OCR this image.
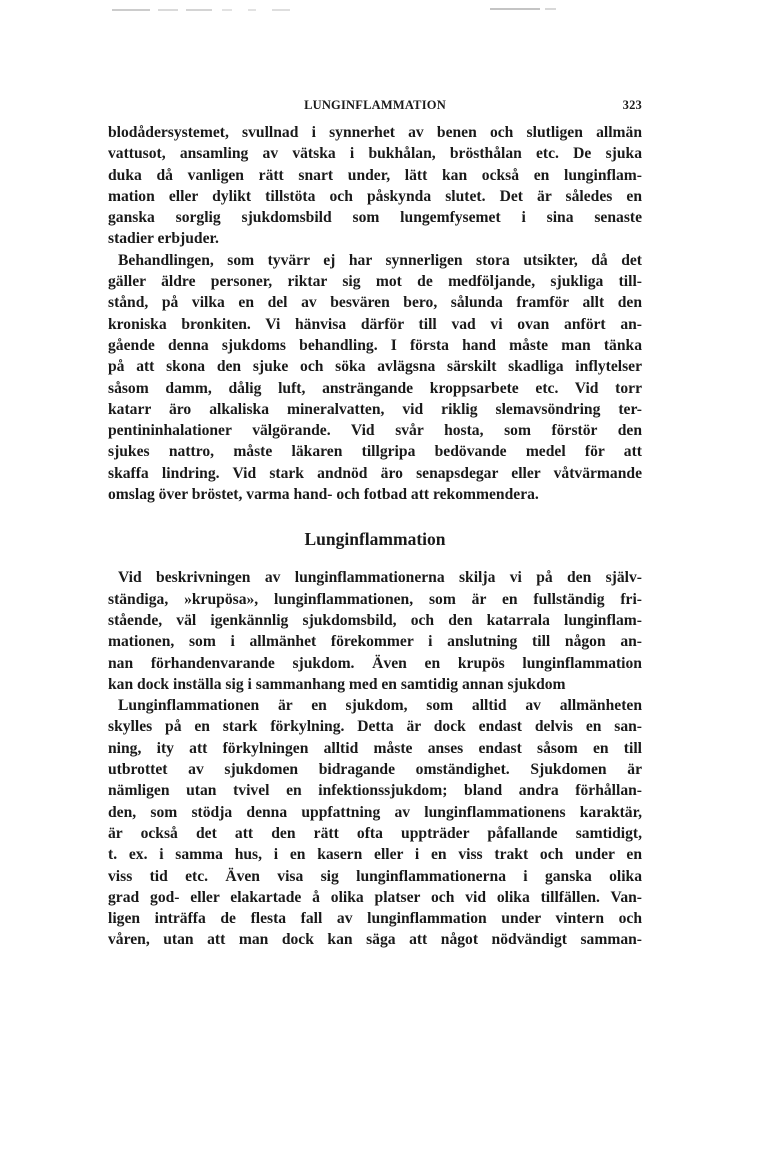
LUNGINFLAMMATION	323
blodådersystemet, svullnad i synnerhet av benen och slutligen allmän
vattusot, ansamling av vätska i bukhålan, brösthålan etc. De sjuka
duka då vanligen rätt snart under, lätt kan också en lunginflam-
mation eller dylikt tillstöta och påskynda slutet. Det är således en
ganska sorglig sjukdomsbild som lungemfysemet i sina senaste
stadier erbjuder.
Behandlingen, som tyvärr ej har synnerligen stora utsikter, då det
gäller äldre personer, riktar sig mot de medföljande, sjukliga till-
stånd, på vilka en del av besvären bero, sålunda framför allt den
kroniska bronkiten. Vi hänvisa därför till vad vi ovan anfört an-
gående denna sjukdoms behandling. I första hand måste man tänka
på att skona den sjuke och söka avlägsna särskilt skadliga inflytelser
såsom damm, dålig luft, ansträngande kroppsarbete etc. Vid torr
katarr äro alkaliska mineralvatten, vid riklig slemavsöndring ter-
pentininhalationer välgörande. Vid svår hosta, som förstör den
sjukes nattro, måste läkaren tillgripa bedövande medel för att
skaffa lindring. Vid stark andnöd äro senapsdegar eller våtvärmande
omslag över bröstet, varma hand- och fotbad att rekommendera.
Lunginflammation
Vid beskrivningen av lunginflammationerna skilja vi på den själv-
ständiga, »krupösa», lunginflammationen, som är en fullständig fri-
stående, väl igenkännlig sjukdomsbild, och den katarrala lunginflam-
mationen, som i allmänhet förekommer i anslutning till någon an-
nan förhandenvarande sjukdom. Även en krupös lunginflammation
kan dock inställa sig i sammanhang med en samtidig annan sjukdom
Lunginflammationen är en sjukdom, som alltid av allmänheten
skylles på en stark förkylning. Detta är dock endast delvis en san-
ning, ity att förkylningen alltid måste anses endast såsom en till
utbrottet av sjukdomen bidragande omständighet. Sjukdomen är
nämligen utan tvivel en infektionssjukdom; bland andra förhållan-
den, som stödja denna uppfattning av lunginflammationens karaktär,
är också det att den rätt ofta uppträder påfallande samtidigt,
t. ex. i samma hus, i en kasern eller i en viss trakt och under en
viss tid etc. Även visa sig lunginflammationerna i ganska olika
grad god- eller elakartade å olika platser och vid olika tillfällen. Van-
ligen inträffa de flesta fall av lunginflammation under vintern och
våren, utan att man dock kan säga att något nödvändigt samman-
